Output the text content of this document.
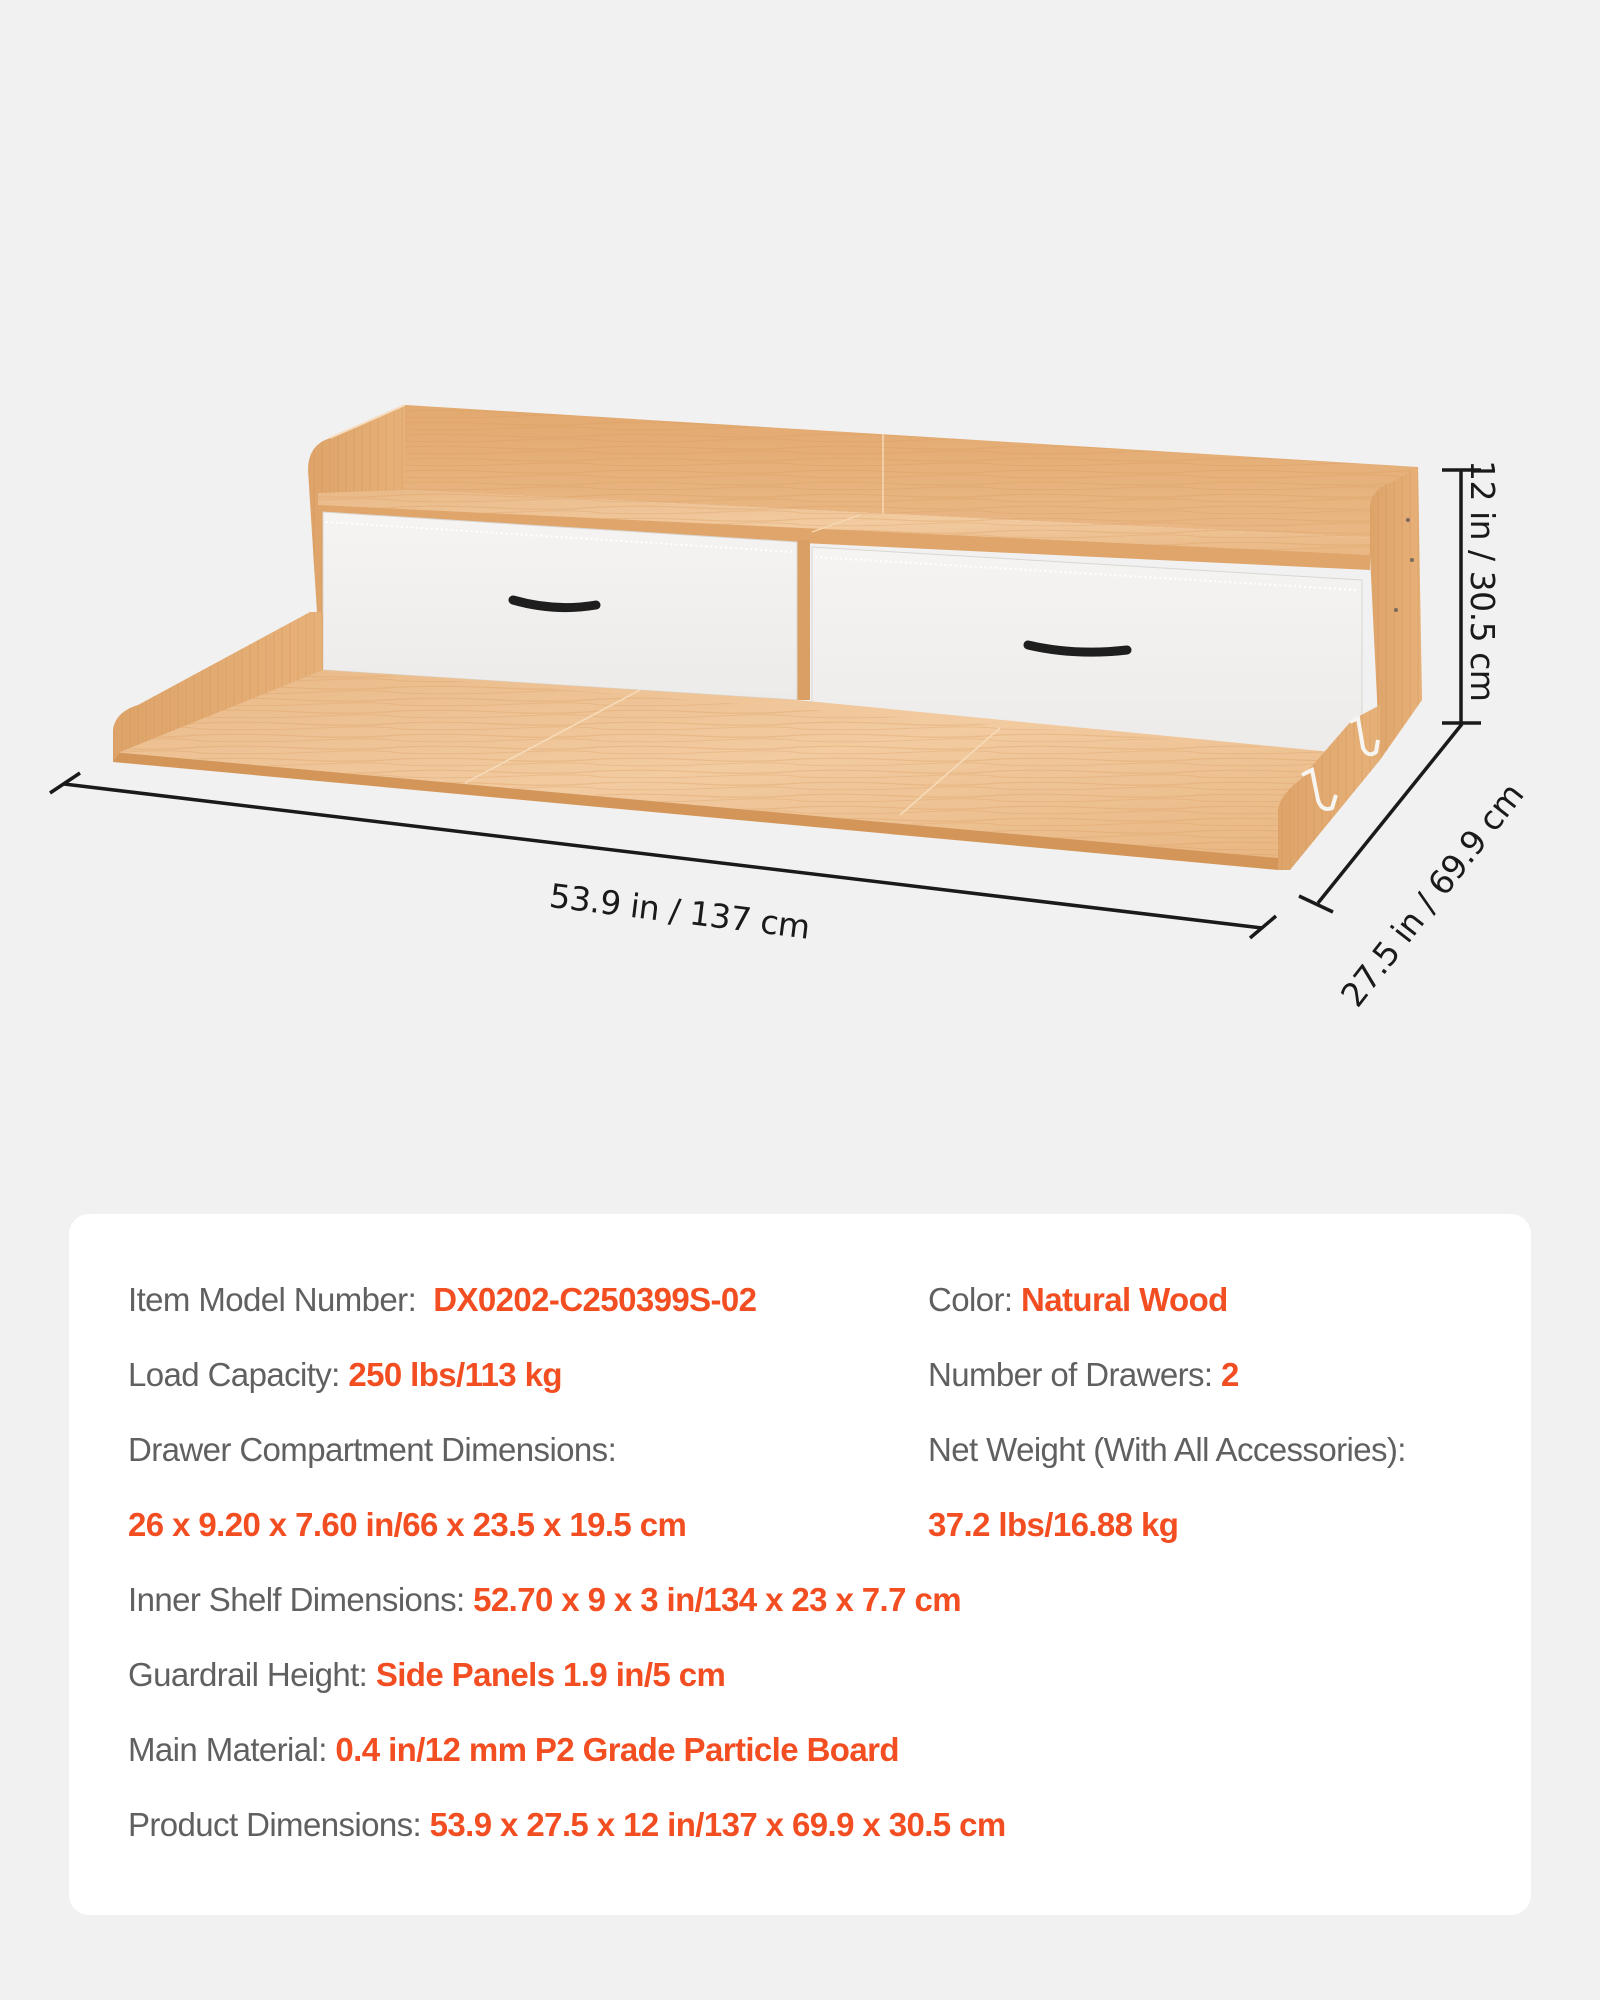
53.9 in / 137 cm
12 in / 30.5 cm
27.5 in / 69.9 cm
Item Model Number: DX0202-C250399S-02	Color: Natural Wood
Load Capacity: 250 lbs/113 kg	Number of Drawers: 2
Drawer Compartment Dimensions:	Net Weight (With All Accessories):
26 x 9.20 x 7.60 in/66 x 23.5 x 19.5 cm	37.2 lbs/16.88 kg
Inner Shelf Dimensions: 52.70 x 9 x 3 in/134 x 23 x 7.7 cm
Guardrail Height: Side Panels 1.9 in/5 cm
Main Material: 0.4 in/12 mm P2 Grade Particle Board
Product Dimensions: 53.9 x 27.5 x 12 in/137 x 69.9 x 30.5 cm
